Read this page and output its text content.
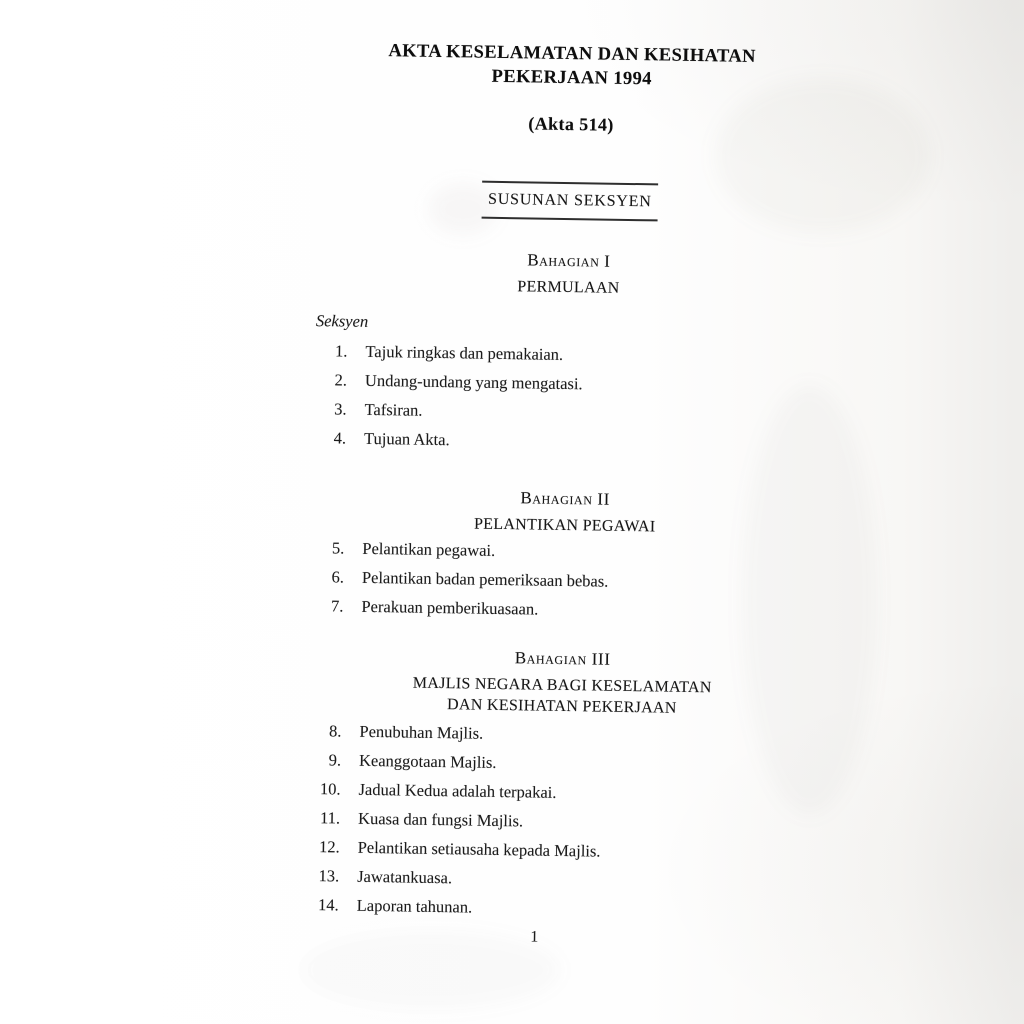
AKTA KESELAMATAN DAN KESIHATAN
PEKERJAAN 1994
(Akta 514)
SUSUNAN SEKSYEN
Bahagian I
PERMULAAN
Seksyen
1.	Tajuk ringkas dan pemakaian.
2.	Undang-undang yang mengatasi.
3.	Tafsiran.
4.	Tujuan Akta.
Bahagian II
PELANTIKAN PEGAWAI
5.	Pelantikan pegawai.
6.	Pelantikan badan pemeriksaan bebas.
7.	Perakuan pemberikuasaan.
Bahagian III
MAJLIS NEGARA BAGI KESELAMATAN
DAN KESIHATAN PEKERJAAN
8.	Penubuhan Majlis.
9.	Keanggotaan Majlis.
10.	Jadual Kedua adalah terpakai.
11.	Kuasa dan fungsi Majlis.
12.	Pelantikan setiausaha kepada Majlis.
13.	Jawatankuasa.
14.	Laporan tahunan.
1
